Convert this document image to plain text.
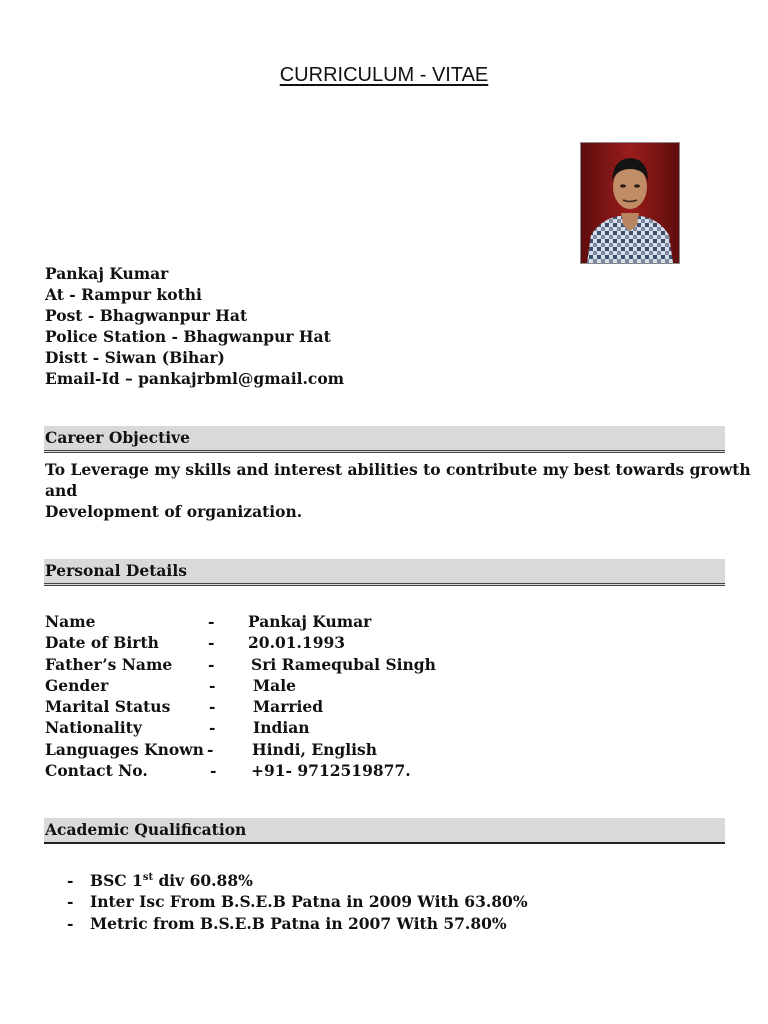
CURRICULUM - VITAE
Pankaj Kumar
At - Rampur kothi
Post - Bhagwanpur Hat
Police Station - Bhagwanpur Hat
Distt - Siwan (Bihar)
Email-Id – pankajrbml@gmail.com
Career Objective
To Leverage my skills and interest abilities to contribute my best towards growth
and
Development of organization.
Personal Details
Name	- Pankaj Kumar
Date of Birth	- 20.01.1993
Father’s Name - Sri Ramequbal Singh
Gender	- Male
Marital Status - Married
Nationality	- Indian
Languages Known - Hindi, English
Contact No.	- +91- 9712519877.
Academic Qualification
- BSC 1st div 60.88%
- Inter Isc From B.S.E.B Patna in 2009 With 63.80%
- Metric from B.S.E.B Patna in 2007 With 57.80%
